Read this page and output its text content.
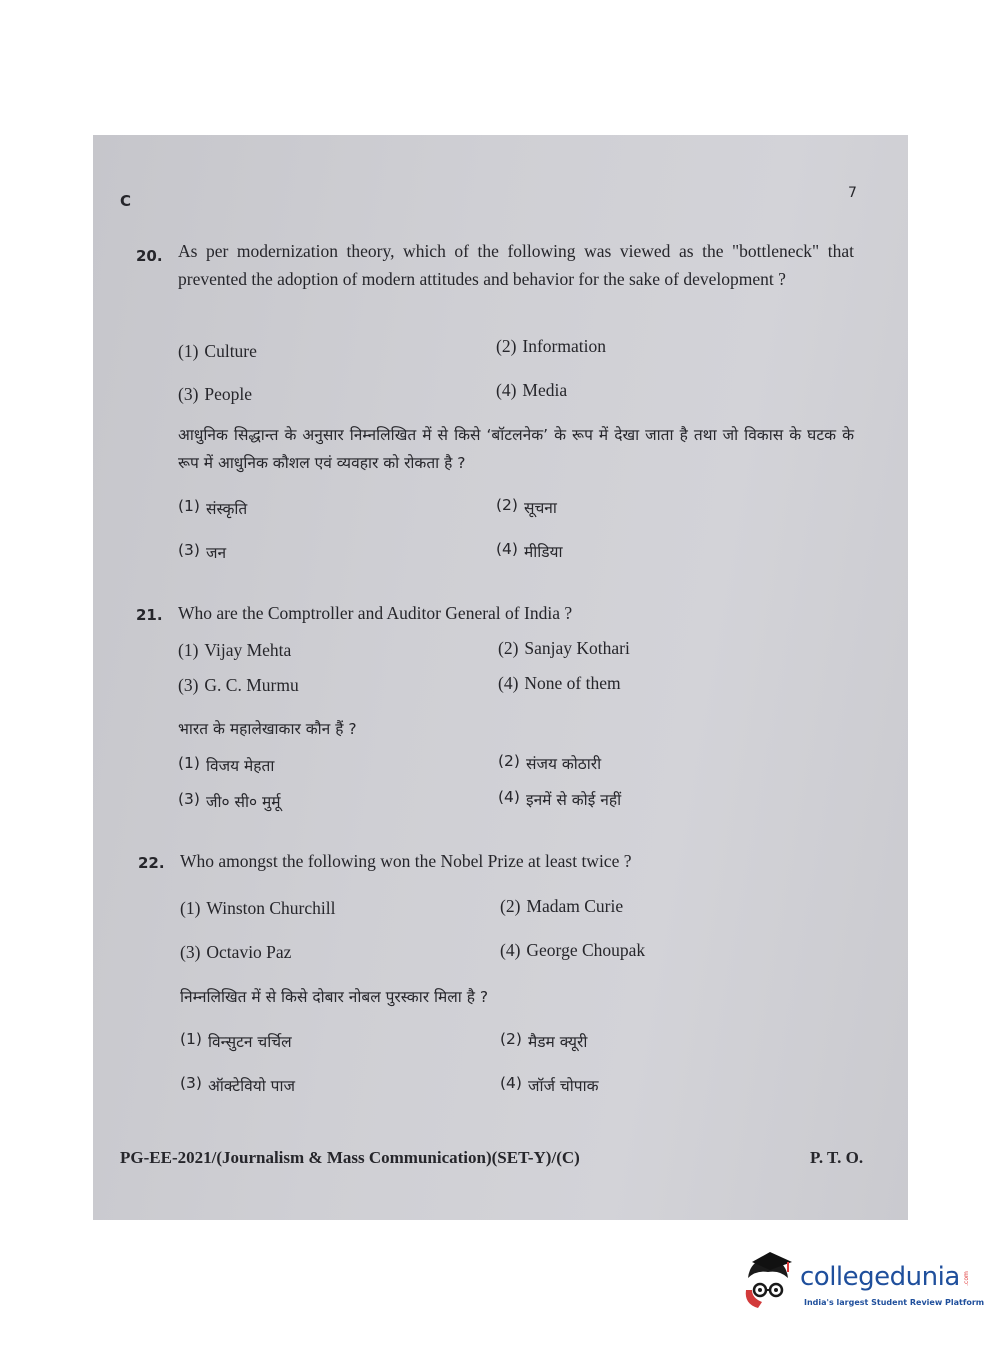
C	7
20. As per modernization theory, which of the following was viewed as the "bottleneck" that prevented the adoption of modern attitudes and behavior for the sake of development ?
(1) Culture	(2) Information
(3) People	(4) Media
आधुनिक सिद्धान्त के अनुसार निम्नलिखित में से किसे ‘बॉटलनेक’ के रूप में देखा जाता है तथा जो विकास के घटक के रूप में आधुनिक कौशल एवं व्यवहार को रोकता है ?
(1) संस्कृति	(2) सूचना
(3) जन	(4) मीडिया
21. Who are the Comptroller and Auditor General of India ?
(1) Vijay Mehta	(2) Sanjay Kothari
(3) G. C. Murmu	(4) None of them
भारत के महालेखाकार कौन हैं ?
(1) विजय मेहता	(2) संजय कोठारी
(3) जी० सी० मुर्मू	(4) इनमें से कोई नहीं
22. Who amongst the following won the Nobel Prize at least twice ?
(1) Winston Churchill	(2) Madam Curie
(3) Octavio Paz	(4) George Choupak
निम्नलिखित में से किसे दोबार नोबल पुरस्कार मिला है ?
(1) विन्सुटन चर्चिल	(2) मैडम क्यूरी
(3) ऑक्टेवियो पाज	(4) जॉर्ज चोपाक
PG-EE-2021/(Journalism & Mass Communication)(SET-Y)/(C)	P. T. O.
collegedunia .com
India's largest Student Review Platform
